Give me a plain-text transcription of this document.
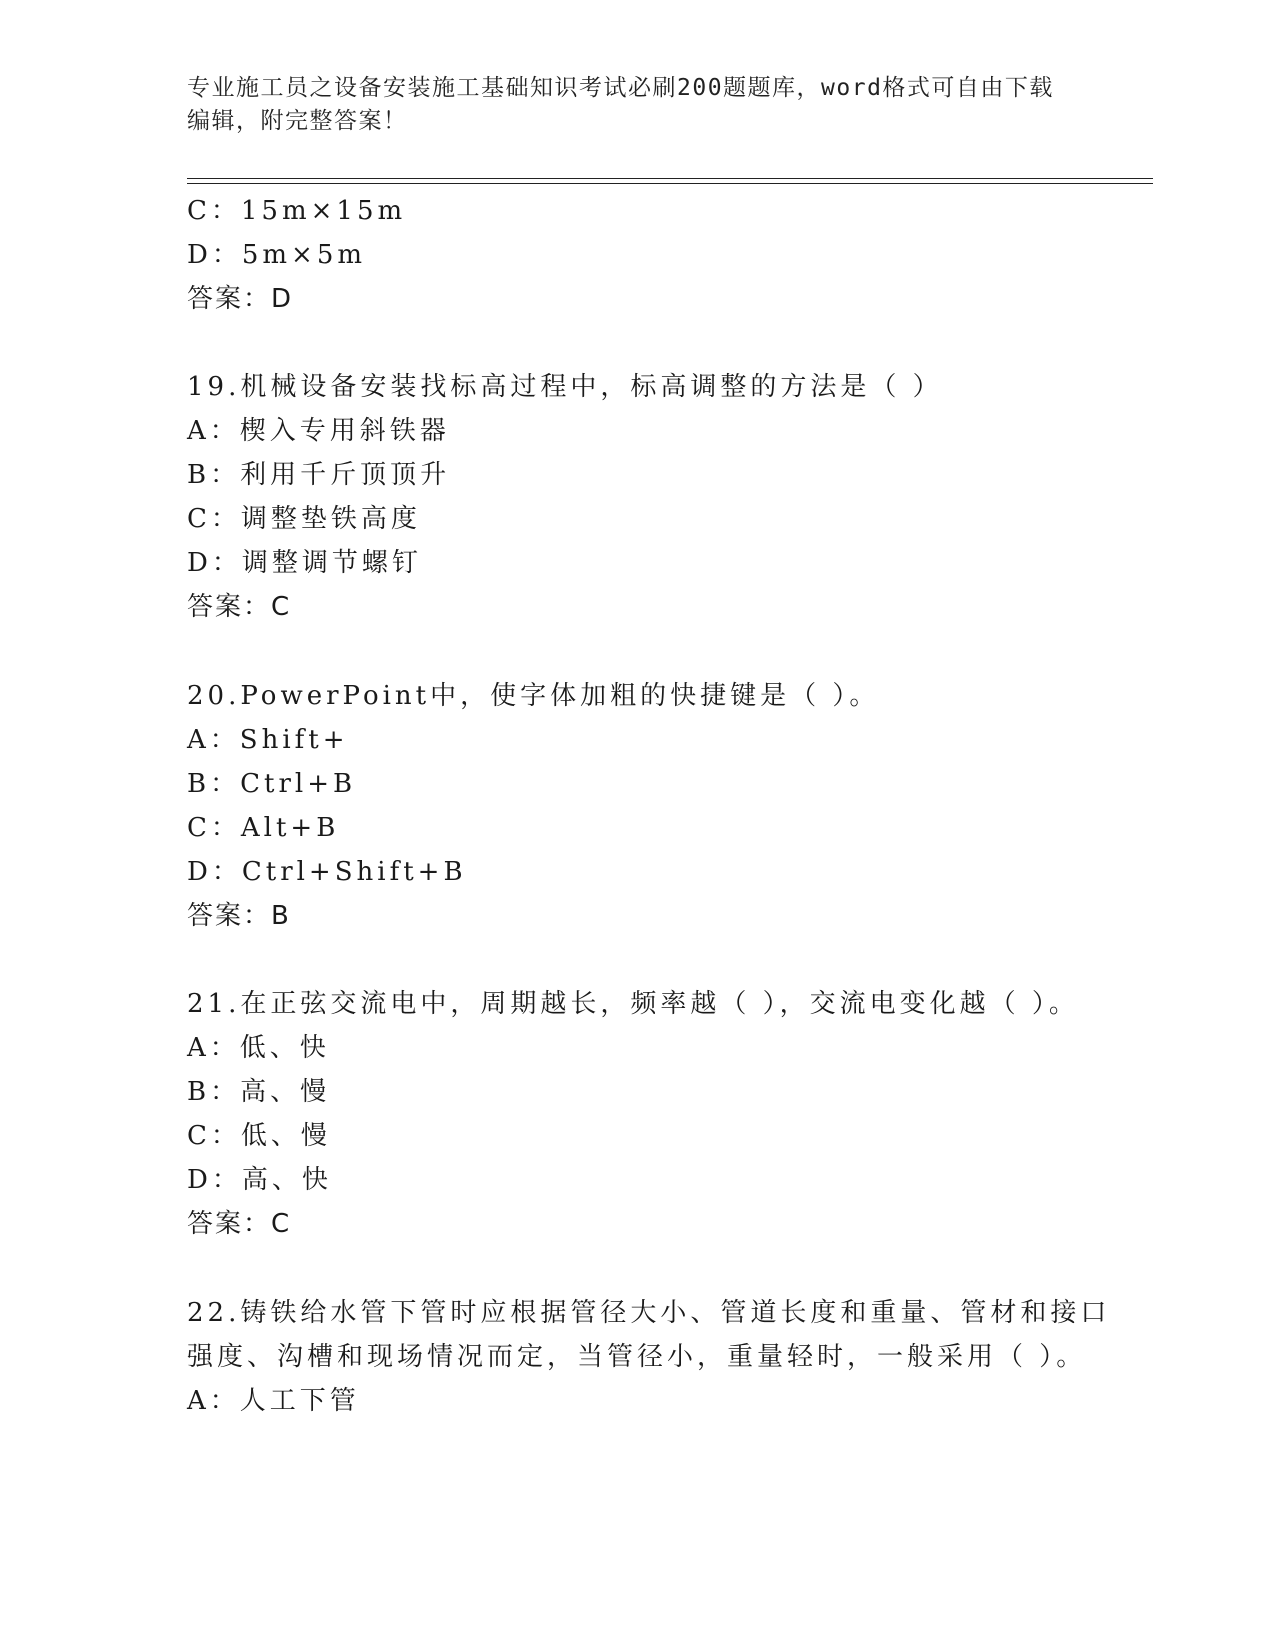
专业施工员之设备安装施工基础知识考试必刷200题题库，word格式可自由下载
编辑，附完整答案！
C：15m×15m
D：5m×5m
答案：D
19.机械设备安装找标高过程中，标高调整的方法是（ ）
A：楔入专用斜铁器
B：利用千斤顶顶升
C：调整垫铁高度
D：调整调节螺钉
答案：C
20.PowerPoint中，使字体加粗的快捷键是（ ）。
A：Shift+
B：Ctrl+B
C：Alt+B
D：Ctrl+Shift+B
答案：B
21.在正弦交流电中，周期越长，频率越（ ），交流电变化越（ ）。
A：低、快
B：高、慢
C：低、慢
D：高、快
答案：C
22.铸铁给水管下管时应根据管径大小、管道长度和重量、管材和接口
强度、沟槽和现场情况而定，当管径小，重量轻时，一般采用（ ）。
A：人工下管
